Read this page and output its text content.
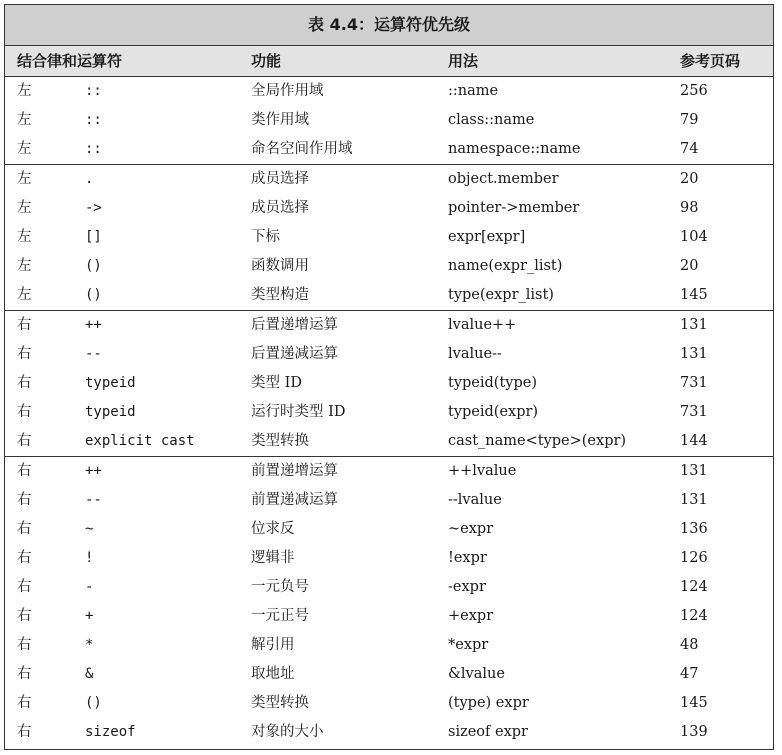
表 4.4：运算符优先级
结合律和运算符	功能	用法	参考页码
左	::	全局作用域	::name	256
左	::	类作用域	class::name	79
左	::	命名空间作用域	namespace::name	74
左	.	成员选择	object.member	20
左	->	成员选择	pointer->member	98
左	[]	下标	expr[expr]	104
左	()	函数调用	name(expr_list)	20
左	()	类型构造	type(expr_list)	145
右	++	后置递增运算	lvalue++	131
右	--	后置递减运算	lvalue--	131
右	typeid	类型 ID	typeid(type)	731
右	typeid	运行时类型 ID	typeid(expr)	731
右	explicit cast	类型转换	cast_name<type>(expr)	144
右	++	前置递增运算	++lvalue	131
右	--	前置递减运算	--lvalue	131
右	~	位求反	~expr	136
右	!	逻辑非	!expr	126
右	-	一元负号	-expr	124
右	+	一元正号	+expr	124
右	*	解引用	*expr	48
右	&	取地址	&lvalue	47
右	()	类型转换	(type) expr	145
右	sizeof	对象的大小	sizeof expr	139
